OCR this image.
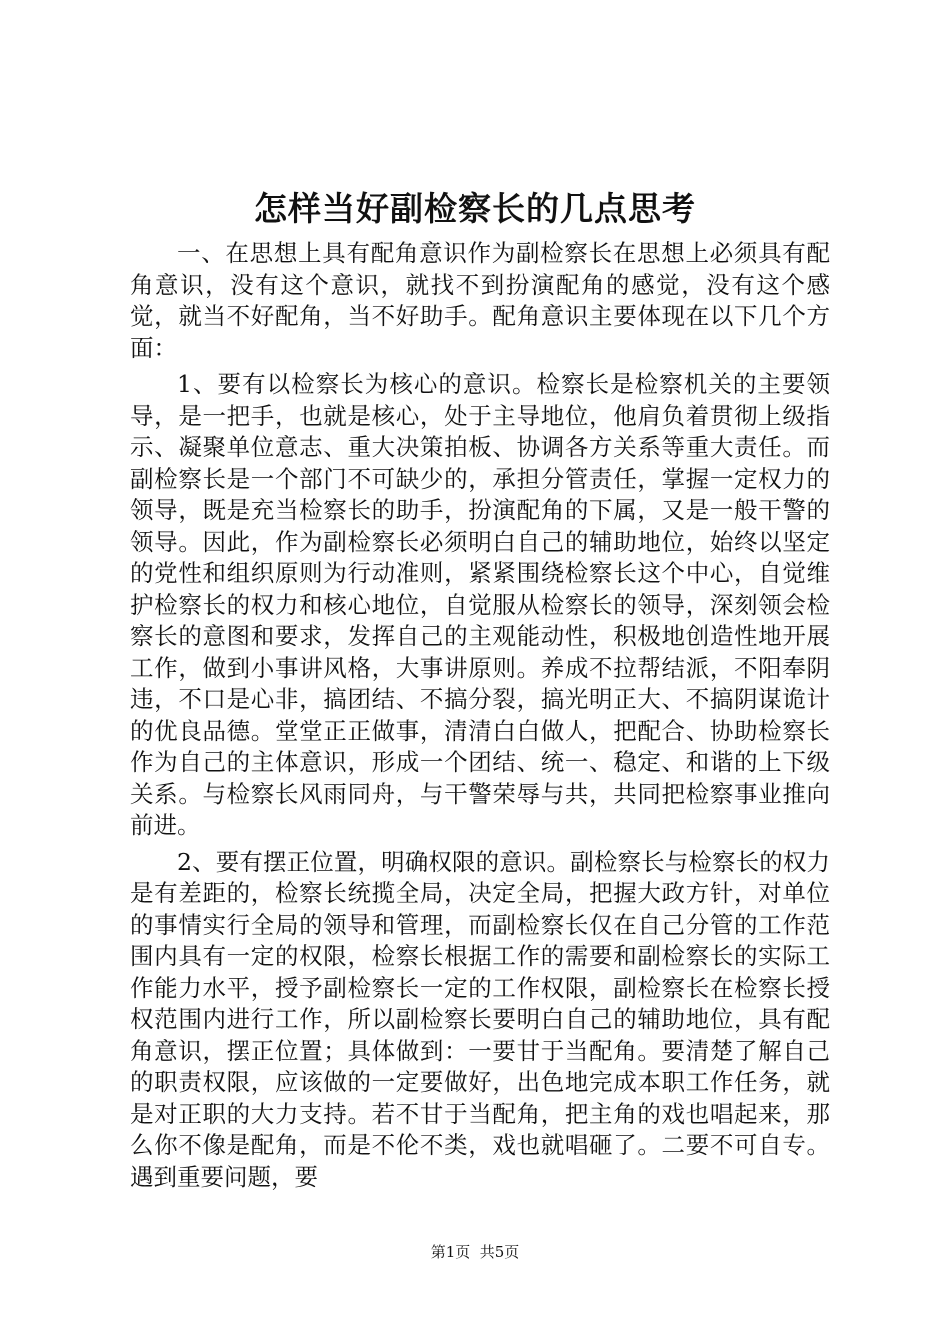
怎样当好副检察长的几点思考

一、在思想上具有配角意识作为副检察长在思想上必须具有配角意识，没有这个意识，就找不到扮演配角的感觉，没有这个感觉，就当不好配角，当不好助手。配角意识主要体现在以下几个方面：

1、要有以检察长为核心的意识。检察长是检察机关的主要领导，是一把手，也就是核心，处于主导地位，他肩负着贯彻上级指示、凝聚单位意志、重大决策拍板、协调各方关系等重大责任。而副检察长是一个部门不可缺少的，承担分管责任，掌握一定权力的领导，既是充当检察长的助手，扮演配角的下属，又是一般干警的领导。因此，作为副检察长必须明白自己的辅助地位，始终以坚定的党性和组织原则为行动准则，紧紧围绕检察长这个中心，自觉维护检察长的权力和核心地位，自觉服从检察长的领导，深刻领会检察长的意图和要求，发挥自己的主观能动性，积极地创造性地开展工作，做到小事讲风格，大事讲原则。养成不拉帮结派，不阳奉阴违，不口是心非，搞团结、不搞分裂，搞光明正大、不搞阴谋诡计的优良品德。堂堂正正做事，清清白白做人，把配合、协助检察长作为自己的主体意识，形成一个团结、统一、稳定、和谐的上下级关系。与检察长风雨同舟，与干警荣辱与共，共同把检察事业推向前进。

2、要有摆正位置，明确权限的意识。副检察长与检察长的权力是有差距的，检察长统揽全局，决定全局，把握大政方针，对单位的事情实行全局的领导和管理，而副检察长仅在自己分管的工作范围内具有一定的权限，检察长根据工作的需要和副检察长的实际工作能力水平，授予副检察长一定的工作权限，副检察长在检察长授权范围内进行工作，所以副检察长要明白自己的辅助地位，具有配角意识，摆正位置；具体做到：一要甘于当配角。要清楚了解自己的职责权限，应该做的一定要做好，出色地完成本职工作任务，就是对正职的大力支持。若不甘于当配角，把主角的戏也唱起来，那么你不像是配角，而是不伦不类，戏也就唱砸了。二要不可自专。遇到重要问题，要

第1页  共5页
